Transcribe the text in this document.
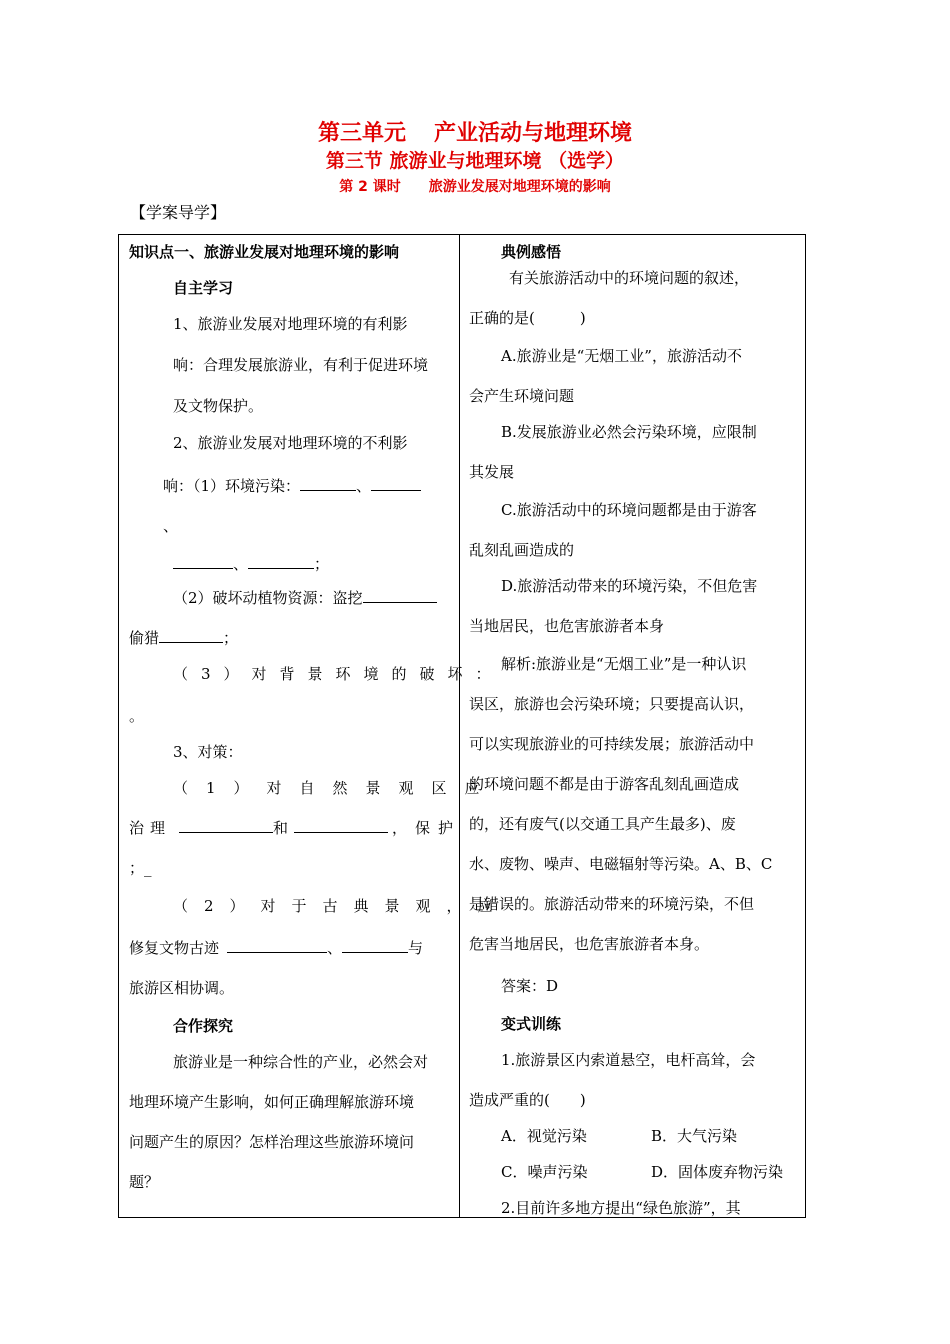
第三单元 产业活动与地理环境
第三节 旅游业与地理环境 （选学）
第 2 课时 旅游业发展对地理环境的影响
【学案导学】
知识点一、旅游业发展对地理环境的影响
自主学习
1、旅游业发展对地理环境的有利影
响：合理发展旅游业，有利于促进环境
及文物保护。
2、旅游业发展对地理环境的不利影
响：（1）环境污染：	、
、
、	；
（2）破坏动植物资源：盗挖
偷猎	；
（3）对背景环境的破坏：
。
3、对策：
（1）对自然景观区应
治理	和	，保护
；_
（2）对于古典景观，应
修复文物古迹	、	与
旅游区相协调。
合作探究
旅游业是一种综合性的产业，必然会对
地理环境产生影响，如何正确理解旅游环境
问题产生的原因？怎样治理这些旅游环境问
题？
典例感悟
有关旅游活动中的环境问题的叙述，
正确的是(　　　)
A.旅游业是“无烟工业”，旅游活动不
会产生环境问题
B.发展旅游业必然会污染环境，应限制
其发展
C.旅游活动中的环境问题都是由于游客
乱刻乱画造成的
D.旅游活动带来的环境污染，不但危害
当地居民，也危害旅游者本身
解析:旅游业是“无烟工业”是一种认识
误区，旅游也会污染环境；只要提高认识，
可以实现旅游业的可持续发展；旅游活动中
的环境问题不都是由于游客乱刻乱画造成
的，还有废气(以交通工具产生最多)、废
水、废物、噪声、电磁辐射等污染。A、B、C
是错误的。旅游活动带来的环境污染，不但
危害当地居民，也危害旅游者本身。
答案：D
变式训练
1.旅游景区内索道悬空，电杆高耸，会
造成严重的(　　)
A．视觉污染	B．大气污染
C．噪声污染	D．固体废弃物污染
2.目前许多地方提出“绿色旅游”，其
